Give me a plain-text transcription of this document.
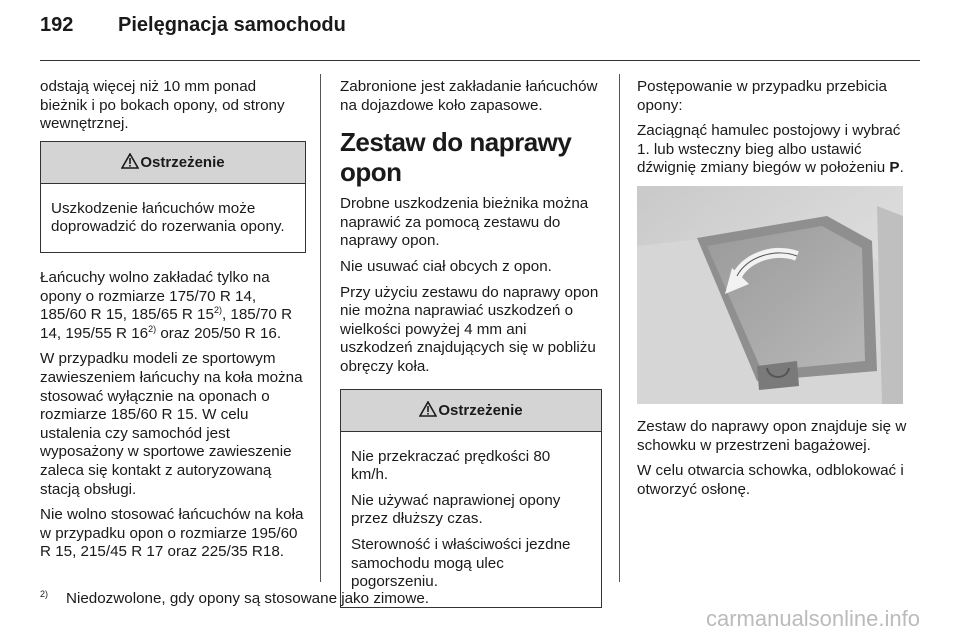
192 Pielęgnacja samochodu

odstają więcej niż 10 mm ponad bieżnik i po bokach opony, od strony wewnętrznej.

Ostrzeżenie

Uszkodzenie łańcuchów może doprowadzić do rozerwania opony.

Łańcuchy wolno zakładać tylko na opony o rozmiarze 175/70 R 14, 185/60 R 15, 185/65 R 15$^{2)}$, 185/70 R 14, 195/55 R 16$^{2)}$ oraz 205/50 R 16.

W przypadku modeli ze sportowym zawieszeniem łańcuchy na koła można stosować wyłącznie na oponach o rozmiarze 185/60 R 15. W celu ustalenia czy samochód jest wyposażony w sportowe zawieszenie zaleca się kontakt z autoryzowaną stacją obsługi.

Nie wolno stosować łańcuchów na koła w przypadku opon o rozmiarze 195/60 R 15, 215/45 R 17 oraz 225/35 R18.

Zabronione jest zakładanie łańcuchów na dojazdowe koło zapasowe.

Zestaw do naprawy opon

Drobne uszkodzenia bieżnika można naprawić za pomocą zestawu do naprawy opon.

Nie usuwać ciał obcych z opon.

Przy użyciu zestawu do naprawy opon nie można naprawiać uszkodzeń o wielkości powyżej 4 mm ani uszkodzeń znajdujących się w pobliżu obręczy koła.

Ostrzeżenie

Nie przekraczać prędkości 80 km/h.

Nie używać naprawionej opony przez dłuższy czas.

Sterowność i właściwości jezdne samochodu mogą ulec pogorszeniu.

Postępowanie w przypadku przebicia opony:

Zaciągnąć hamulec postojowy i wybrać 1. lub wsteczny bieg albo ustawić dźwignię zmiany biegów w położeniu P.

Zestaw do naprawy opon znajduje się w schowku w przestrzeni bagażowej.

W celu otwarcia schowka, odblokować i otworzyć osłonę.

2) Niedozwolone, gdy opony są stosowane jako zimowe.
carmanualsonline.info
